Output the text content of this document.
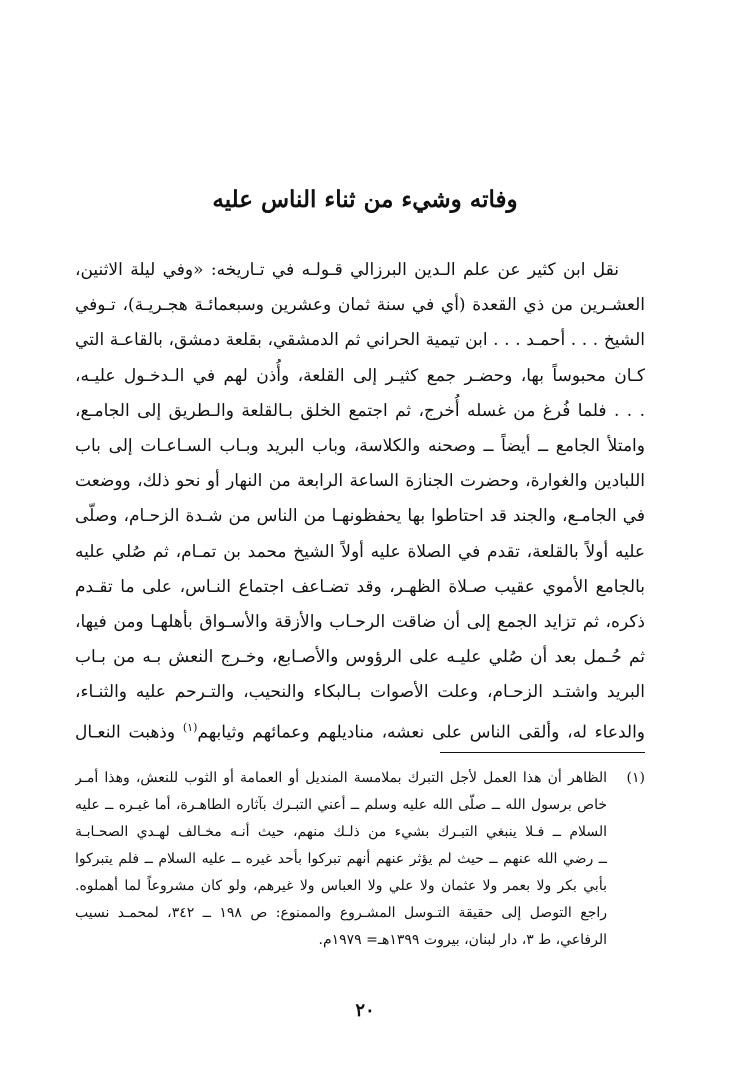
وفاته وشيء من ثناء الناس عليه
نقل ابن كثير عن علم الـدين البرزالي قـولـه في تـاريخه: «وفي ليلة الاثنين،
العشـرين من ذي القعدة (أي في سنة ثمان وعشرين وسبعمائـة هجـريـة)، تـوفي
الشيخ . . . أحمـد . . . ابن تيمية الحراني ثم الدمشقي، بقلعة دمشق، بالقاعـة التي
كـان محبوساً بها، وحضـر جمع كثيـر إلى القلعة، وأُذن لهم في الـدخـول عليـه،
. . . فلما فُرغ من غسله أُخرج، ثم اجتمع الخلق بـالقلعة والـطريق إلى الجامـع،
وامتلأ الجامع ــ أيضاً ــ وصحنه والكلاسة، وباب البريد وبـاب السـاعـات إلى باب
اللبادين والغوارة، وحضرت الجنازة الساعة الرابعة من النهار أو نحو ذلك، ووضعت
في الجامـع، والجند قد احتاطوا بها يحفظونهـا من الناس من شـدة الزحـام، وصلّى
عليه أولاً بالقلعة، تقدم في الصلاة عليه أولاً الشيخ محمد بن تمـام، ثم صُلي عليه
بالجامع الأموي عقيب صـلاة الظهـر، وقد تضـاعف اجتماع النـاس، على ما تقـدم
ذكره، ثم تزايد الجمع إلى أن ضاقت الرحـاب والأزقة والأسـواق بأهلهـا ومن فيها،
ثم حُـمل بعد أن صُلي عليـه على الرؤوس والأصـابع، وخـرج النعش بـه من بـاب
البريد واشتـد الزحـام، وعلت الأصوات بـالبكاء والنحيب، والتـرحم عليه والثنـاء،
والدعاء له، وألقى الناس على نعشه، مناديلهم وعمائهم وثيابهم$^{(١)}$ وذهبت النعـال
(١)
الظاهر أن هذا العمل لأجل التبرك بملامسة المنديل أو العمامة أو الثوب للنعش، وهذا أمـر
خاص برسول الله ــ صلّى الله عليه وسلم ــ أعني التبـرك بآثاره الطاهـرة، أما غيـره ــ عليه
السلام ــ فـلا ينبغي التبـرك بشيء من ذلـك منهم، حيث أنـه مخـالف لهـدي الصحـابـة
ــ رضي الله عنهم ــ حيث لم يؤثر عنهم أنهم تبركوا بأحد غيره ــ عليه السلام ــ فلم يتبركوا
بأبي بكر ولا بعمر ولا عثمان ولا علي ولا العباس ولا غيرهم، ولو كان مشروعاً لما أهملوه.
راجع التوصل إلى حقيقة التـوسل المشـروع والممنوع: ص ١٩٨ ــ ٣٤٢، لمحمـد نسيب
الرفاعي، ط ٣، دار لبنان، بيروت ١٣٩٩هـ= ١٩٧٩م.
٢٠
